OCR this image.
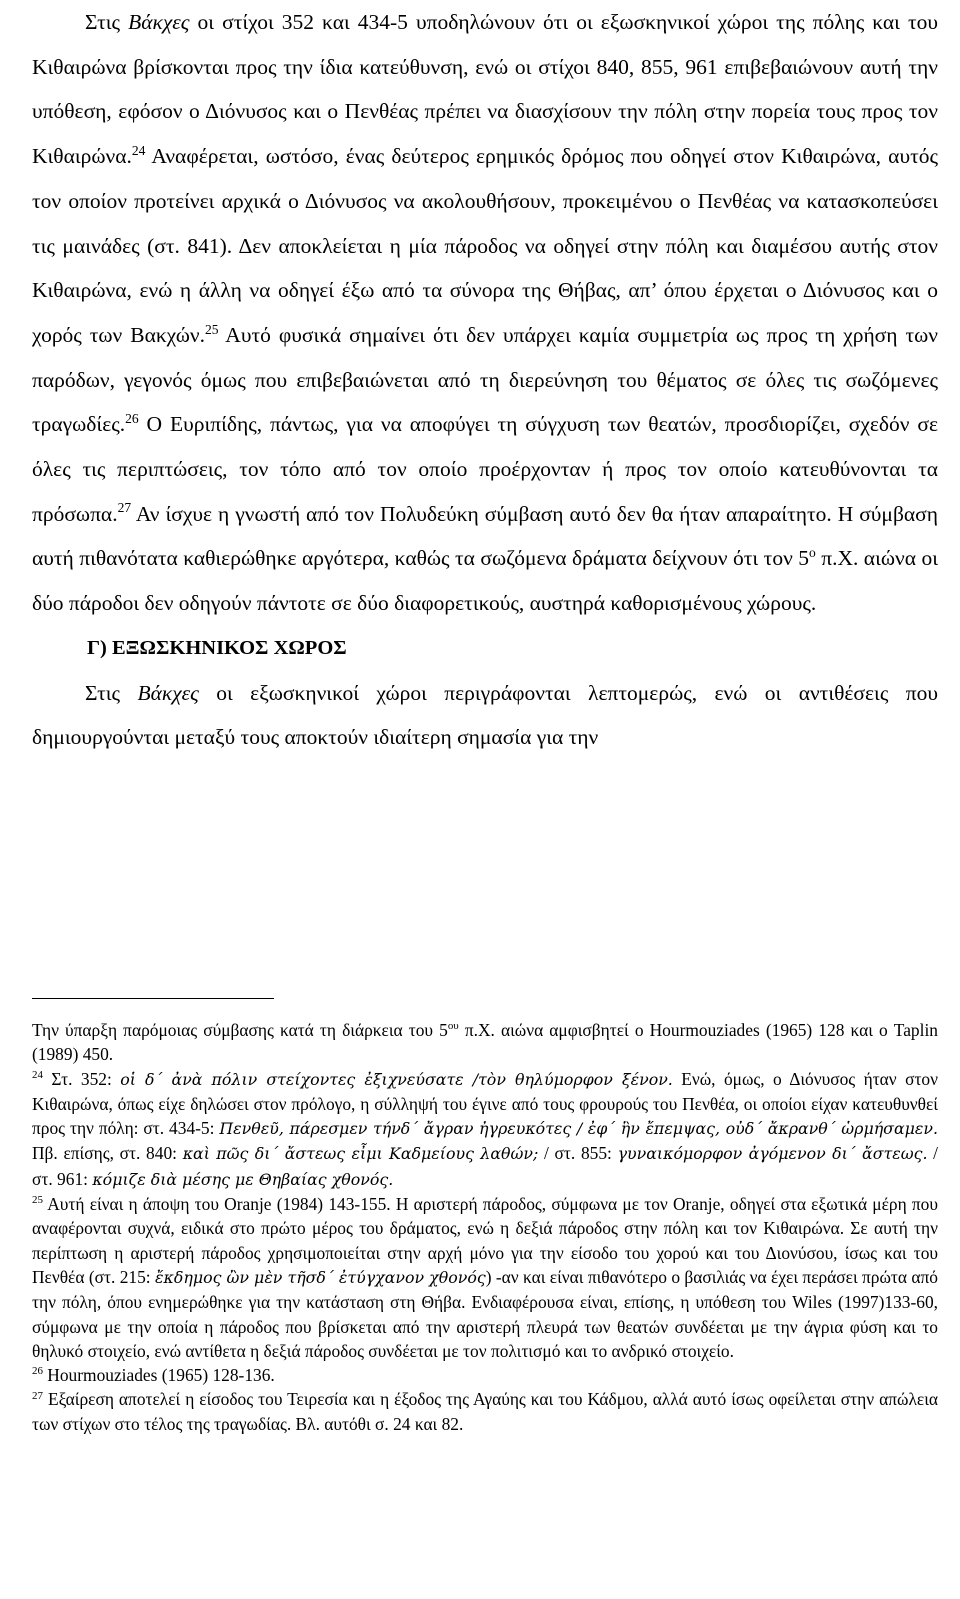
Στις Βάκχες οι στίχοι 352 και 434-5 υποδηλώνουν ότι οι εξωσκηνικοί χώροι της πόλης και του Κιθαιρώνα βρίσκονται προς την ίδια κατεύθυνση, ενώ οι στίχοι 840, 855, 961 επιβεβαιώνουν αυτή την υπόθεση, εφόσον ο Διόνυσος και ο Πενθέας πρέπει να διασχίσουν την πόλη στην πορεία τους προς τον Κιθαιρώνα.$^{24}$ Αναφέρεται, ωστόσο, ένας δεύτερος ερημικός δρόμος που οδηγεί στον Κιθαιρώνα, αυτός τον οποίον προτείνει αρχικά ο Διόνυσος να ακολουθήσουν, προκειμένου ο Πενθέας να κατασκοπεύσει τις μαινάδες (στ. 841). Δεν αποκλείεται η μία πάροδος να οδηγεί στην πόλη και διαμέσου αυτής στον Κιθαιρώνα, ενώ η άλλη να οδηγεί έξω από τα σύνορα της Θήβας, απ’ όπου έρχεται ο Διόνυσος και ο χορός των Βακχών.$^{25}$ Αυτό φυσικά σημαίνει ότι δεν υπάρχει καμία συμμετρία ως προς τη χρήση των παρόδων, γεγονός όμως που επιβεβαιώνεται από τη διερεύνηση του θέματος σε όλες τις σωζόμενες τραγωδίες.$^{26}$ Ο Ευριπίδης, πάντως, για να αποφύγει τη σύγχυση των θεατών, προσδιορίζει, σχεδόν σε όλες τις περιπτώσεις, τον τόπο από τον οποίο προέρχονταν ή προς τον οποίο κατευθύνονται τα πρόσωπα.$^{27}$ Αν ίσχυε η γνωστή από τον Πολυδεύκη σύμβαση αυτό δεν θα ήταν απαραίτητο. Η σύμβαση αυτή πιθανότατα καθιερώθηκε αργότερα, καθώς τα σωζόμενα δράματα δείχνουν ότι τον $5^o$ π.Χ. αιώνα οι δύο πάροδοι δεν οδηγούν πάντοτε σε δύο διαφορετικούς, αυστηρά καθορισμένους χώρους.

Γ) ΕΞΩΣΚΗΝΙΚΟΣ ΧΩΡΟΣ

Στις Βάκχες οι εξωσκηνικοί χώροι περιγράφονται λεπτομερώς, ενώ οι αντιθέσεις που δημιουργούνται μεταξύ τους αποκτούν ιδιαίτερη σημασία για την

Την ύπαρξη παρόμοιας σύμβασης κατά τη διάρκεια του $5^{o\upsilon}$ π.Χ. αιώνα αμφισβητεί ο Hourmouziades (1965) 128 και ο Taplin (1989) 450.

$^{24}$ Στ. 352: οἱ δ΄ ἀνὰ πόλιν στείχοντες ἐξιχνεύσατε /τὸν θηλύμορφον ξένον. Ενώ, όμως, ο Διόνυσος ήταν στον Κιθαιρώνα, όπως είχε δηλώσει στον πρόλογο, η σύλληψή του έγινε από τους φρουρούς του Πενθέα, οι οποίοι είχαν κατευθυνθεί προς την πόλη: στ. 434-5: Πενθεῦ, πάρεσμεν τήνδ΄ ἄγραν ἠγρευκότες / ἐφ΄ ἣν ἔπεμψας, οὐδ΄ ἄκρανθ΄ ὡρμήσαμεν. Πβ. επίσης, στ. 840: καὶ πῶς δι΄ ἄστεως εἶμι Καδμείους λαθών; / στ. 855: γυναικόμορφον ἀγόμενον δι΄ ἄστεως. / στ. 961: κόμιζε διὰ μέσης με Θηβαίας χθονός.

$^{25}$ Αυτή είναι η άποψη του Oranje (1984) 143-155. Η αριστερή πάροδος, σύμφωνα με τον Oranje, οδηγεί στα εξωτικά μέρη που αναφέρονται συχνά, ειδικά στο πρώτο μέρος του δράματος, ενώ η δεξιά πάροδος στην πόλη και τον Κιθαιρώνα. Σε αυτή την περίπτωση η αριστερή πάροδος χρησιμοποιείται στην αρχή μόνο για την είσοδο του χορού και του Διονύσου, ίσως και του Πενθέα (στ. 215: ἔκδημος ὢν μὲν τῆσδ΄ ἐτύγχανον χθονός) -αν και είναι πιθανότερο ο βασιλιάς να έχει περάσει πρώτα από την πόλη, όπου ενημερώθηκε για την κατάσταση στη Θήβα. Ενδιαφέρουσα είναι, επίσης, η υπόθεση του Wiles (1997)133-60, σύμφωνα με την οποία η πάροδος που βρίσκεται από την αριστερή πλευρά των θεατών συνδέεται με την άγρια φύση και το θηλυκό στοιχείο, ενώ αντίθετα η δεξιά πάροδος συνδέεται με τον πολιτισμό και το ανδρικό στοιχείο.

$^{26}$ Hourmouziades (1965) 128-136.

$^{27}$ Εξαίρεση αποτελεί η είσοδος του Τειρεσία και η έξοδος της Αγαύης και του Κάδμου, αλλά αυτό ίσως οφείλεται στην απώλεια των στίχων στο τέλος της τραγωδίας. Βλ. αυτόθι σ. 24 και 82.
